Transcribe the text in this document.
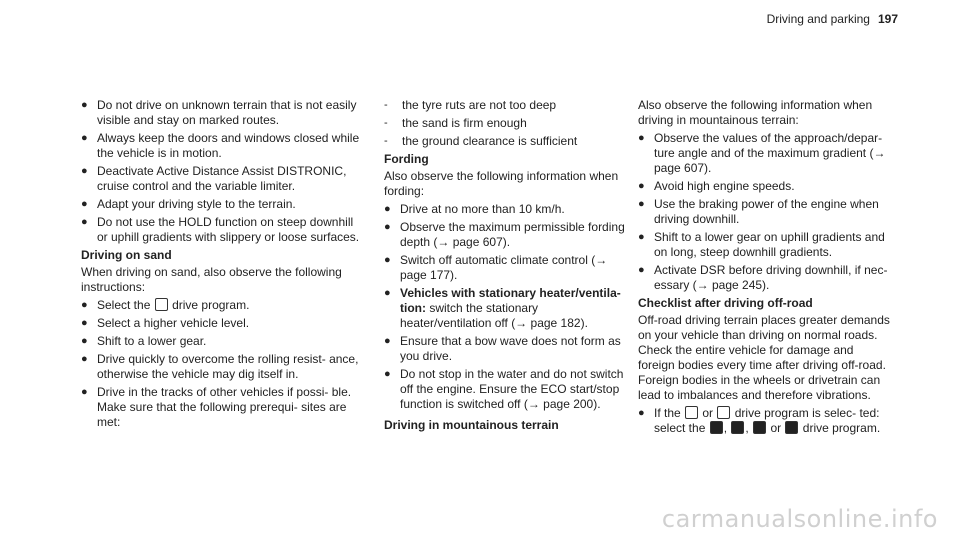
Driving and parking 197
● Do not drive on unknown terrain that is not easily visible and stay on marked routes.
● Always keep the doors and windows closed while the vehicle is in motion.
● Deactivate Active Distance Assist DISTRONIC, cruise control and the variable limiter.
● Adapt your driving style to the terrain.
● Do not use the HOLD function on steep downhill or uphill gradients with slippery or loose surfaces.
Driving on sand
When driving on sand, also observe the following instructions:
● Select the drive program.
● Select a higher vehicle level.
● Shift to a lower gear.
● Drive quickly to overcome the rolling resist- ance, otherwise the vehicle may dig itself in.
● Drive in the tracks of other vehicles if possi- ble. Make sure that the following prerequi- sites are met:
-	the tyre ruts are not too deep
-	the sand is firm enough
-	the ground clearance is sufficient
Fording
Also observe the following information when fording:
● Drive at no more than 10 km/h.
● Observe the maximum permissible fording depth (→ page 607).
● Switch off automatic climate control (→ page 177).
● Vehicles with stationary heater/ventila- tion: switch the stationary heater/ventilation off (→ page 182).
● Ensure that a bow wave does not form as you drive.
● Do not stop in the water and do not switch off the engine. Ensure the ECO start/stop function is switched off (→ page 200).
Driving in mountainous terrain
Also observe the following information when driving in mountainous terrain:
● Observe the values of the approach/depar- ture angle and of the maximum gradient (→ page 607).
● Avoid high engine speeds.
● Use the braking power of the engine when driving downhill.
● Shift to a lower gear on uphill gradients and on long, steep downhill gradients.
● Activate DSR before driving downhill, if nec- essary (→ page 245).
Checklist after driving off-road
Off-road driving terrain places greater demands on your vehicle than driving on normal roads. Check the entire vehicle for damage and foreign bodies every time after driving off-road. Foreign bodies in the wheels or drivetrain can lead to imbalances and therefore vibrations.
● If the or drive program is selec- ted: select the , , or drive program.
carmanualsonline.info
